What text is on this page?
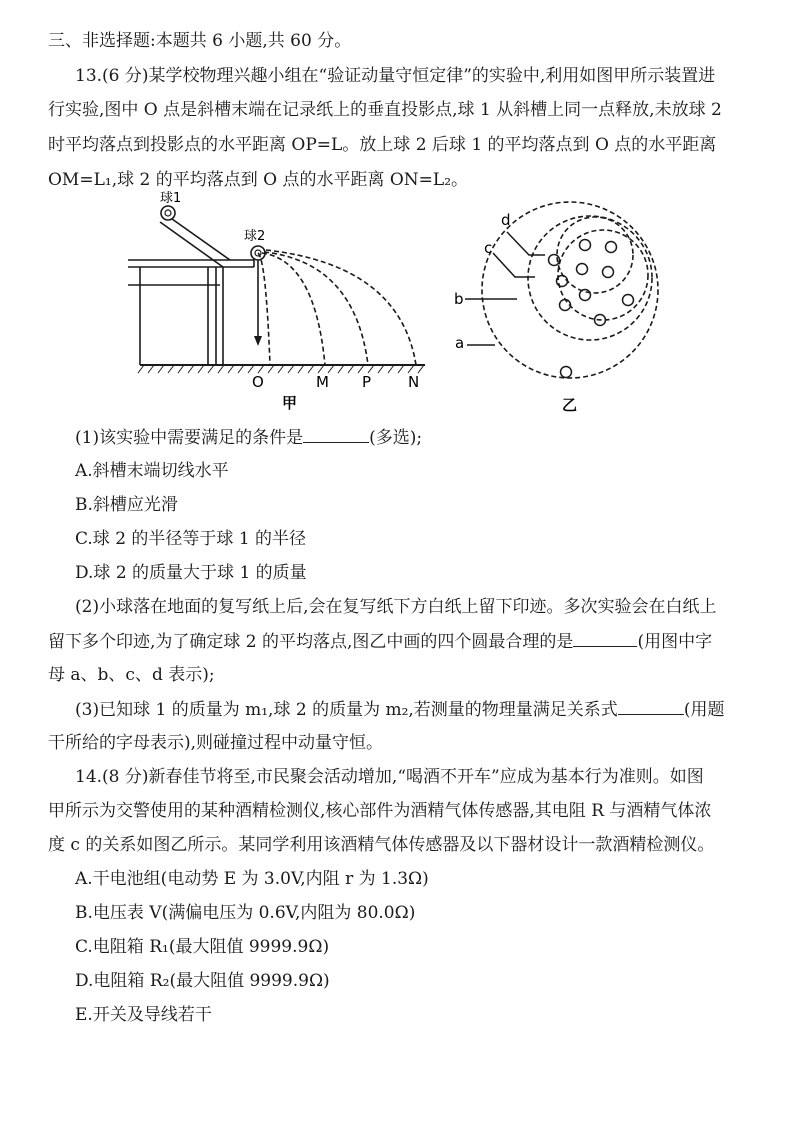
三、非选择题:本题共 6 小题,共 60 分。
13.(6 分)某学校物理兴趣小组在“验证动量守恒定律”的实验中,利用如图甲所示装置进
行实验,图中 O 点是斜槽末端在记录纸上的垂直投影点,球 1 从斜槽上同一点释放,未放球 2
时平均落点到投影点的水平距离 OP=L。放上球 2 后球 1 的平均落点到 O 点的水平距离
OM=L₁,球 2 的平均落点到 O 点的水平距离 ON=L₂。
球1
球2
O	M P N
甲
d
c
b
a
乙
(1)该实验中需要满足的条件是	(多选);
A.斜槽末端切线水平
B.斜槽应光滑
C.球 2 的半径等于球 1 的半径
D.球 2 的质量大于球 1 的质量
(2)小球落在地面的复写纸上后,会在复写纸下方白纸上留下印迹。多次实验会在白纸上
留下多个印迹,为了确定球 2 的平均落点,图乙中画的四个圆最合理的是	(用图中字
母 a、b、c、d 表示);
(3)已知球 1 的质量为 m₁,球 2 的质量为 m₂,若测量的物理量满足关系式	(用题
干所给的字母表示),则碰撞过程中动量守恒。
14.(8 分)新春佳节将至,市民聚会活动增加,“喝酒不开车”应成为基本行为准则。如图
甲所示为交警使用的某种酒精检测仪,核心部件为酒精气体传感器,其电阻 R 与酒精气体浓
度 c 的关系如图乙所示。某同学利用该酒精气体传感器及以下器材设计一款酒精检测仪。
A.干电池组(电动势 E 为 3.0V,内阻 r 为 1.3Ω)
B.电压表 V(满偏电压为 0.6V,内阻为 80.0Ω)
C.电阻箱 R₁(最大阻值 9999.9Ω)
D.电阻箱 R₂(最大阻值 9999.9Ω)
E.开关及导线若干
